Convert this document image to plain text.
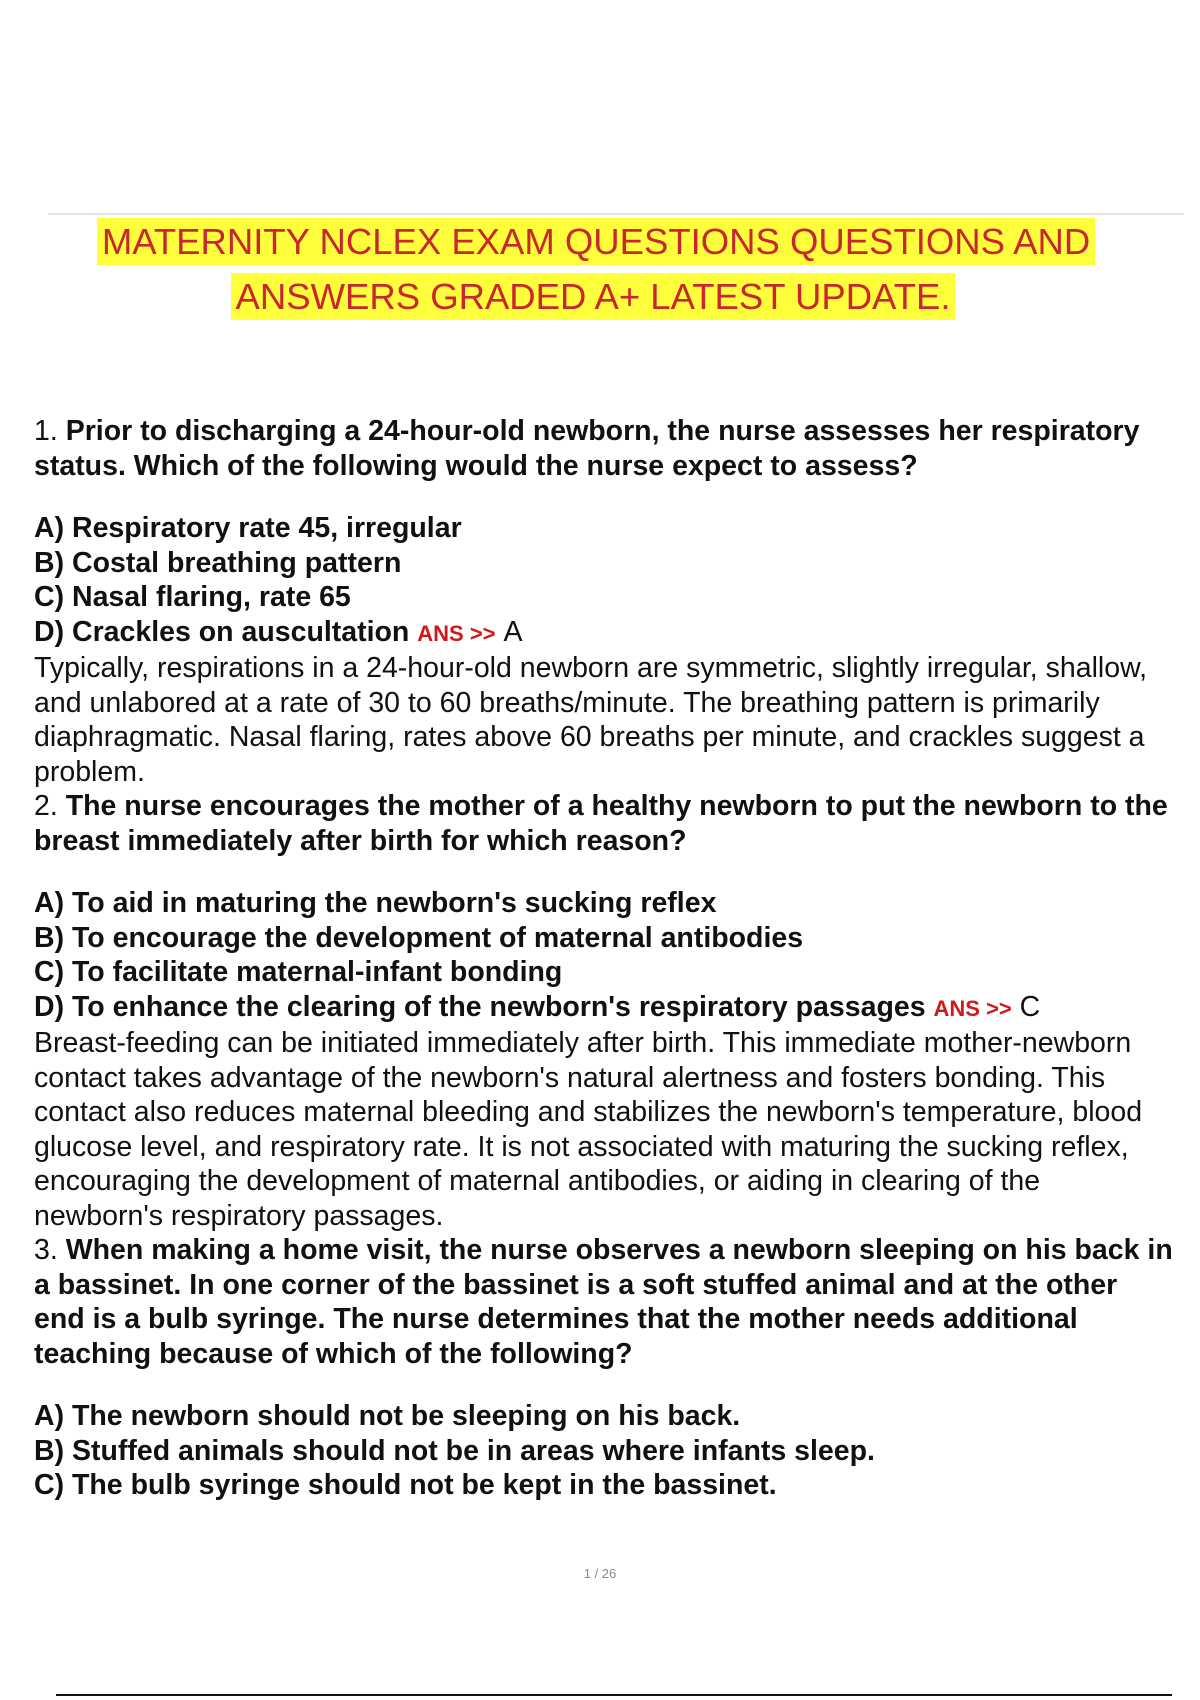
MATERNITY NCLEX EXAM QUESTIONS QUESTIONS AND
ANSWERS GRADED A+ LATEST UPDATE.

1. Prior to discharging a 24-hour-old newborn, the nurse assesses her respiratory status. Which of the following would the nurse expect to assess?

A) Respiratory rate 45, irregular
B) Costal breathing pattern
C) Nasal flaring, rate 65
D) Crackles on auscultation ANS >> A

Typically, respirations in a 24-hour-old newborn are symmetric, slightly irregular, shallow, and unlabored at a rate of 30 to 60 breaths/minute. The breathing pattern is primarily diaphragmatic. Nasal flaring, rates above 60 breaths per minute, and crackles suggest a problem.

2. The nurse encourages the mother of a healthy newborn to put the newborn to the breast immediately after birth for which reason?

A) To aid in maturing the newborn's sucking reflex
B) To encourage the development of maternal antibodies
C) To facilitate maternal-infant bonding
D) To enhance the clearing of the newborn's respiratory passages ANS >> C

Breast-feeding can be initiated immediately after birth. This immediate mother-newborn contact takes advantage of the newborn's natural alertness and fosters bonding. This contact also reduces maternal bleeding and stabilizes the newborn's temperature, blood glucose level, and respiratory rate. It is not associated with maturing the sucking reflex, encouraging the development of maternal antibodies, or aiding in clearing of the newborn's respiratory passages.

3. When making a home visit, the nurse observes a newborn sleeping on his back in a bassinet. In one corner of the bassinet is a soft stuffed animal and at the other end is a bulb syringe. The nurse determines that the mother needs additional teaching because of which of the following?

A) The newborn should not be sleeping on his back.
B) Stuffed animals should not be in areas where infants sleep.
C) The bulb syringe should not be kept in the bassinet.
1 / 26
